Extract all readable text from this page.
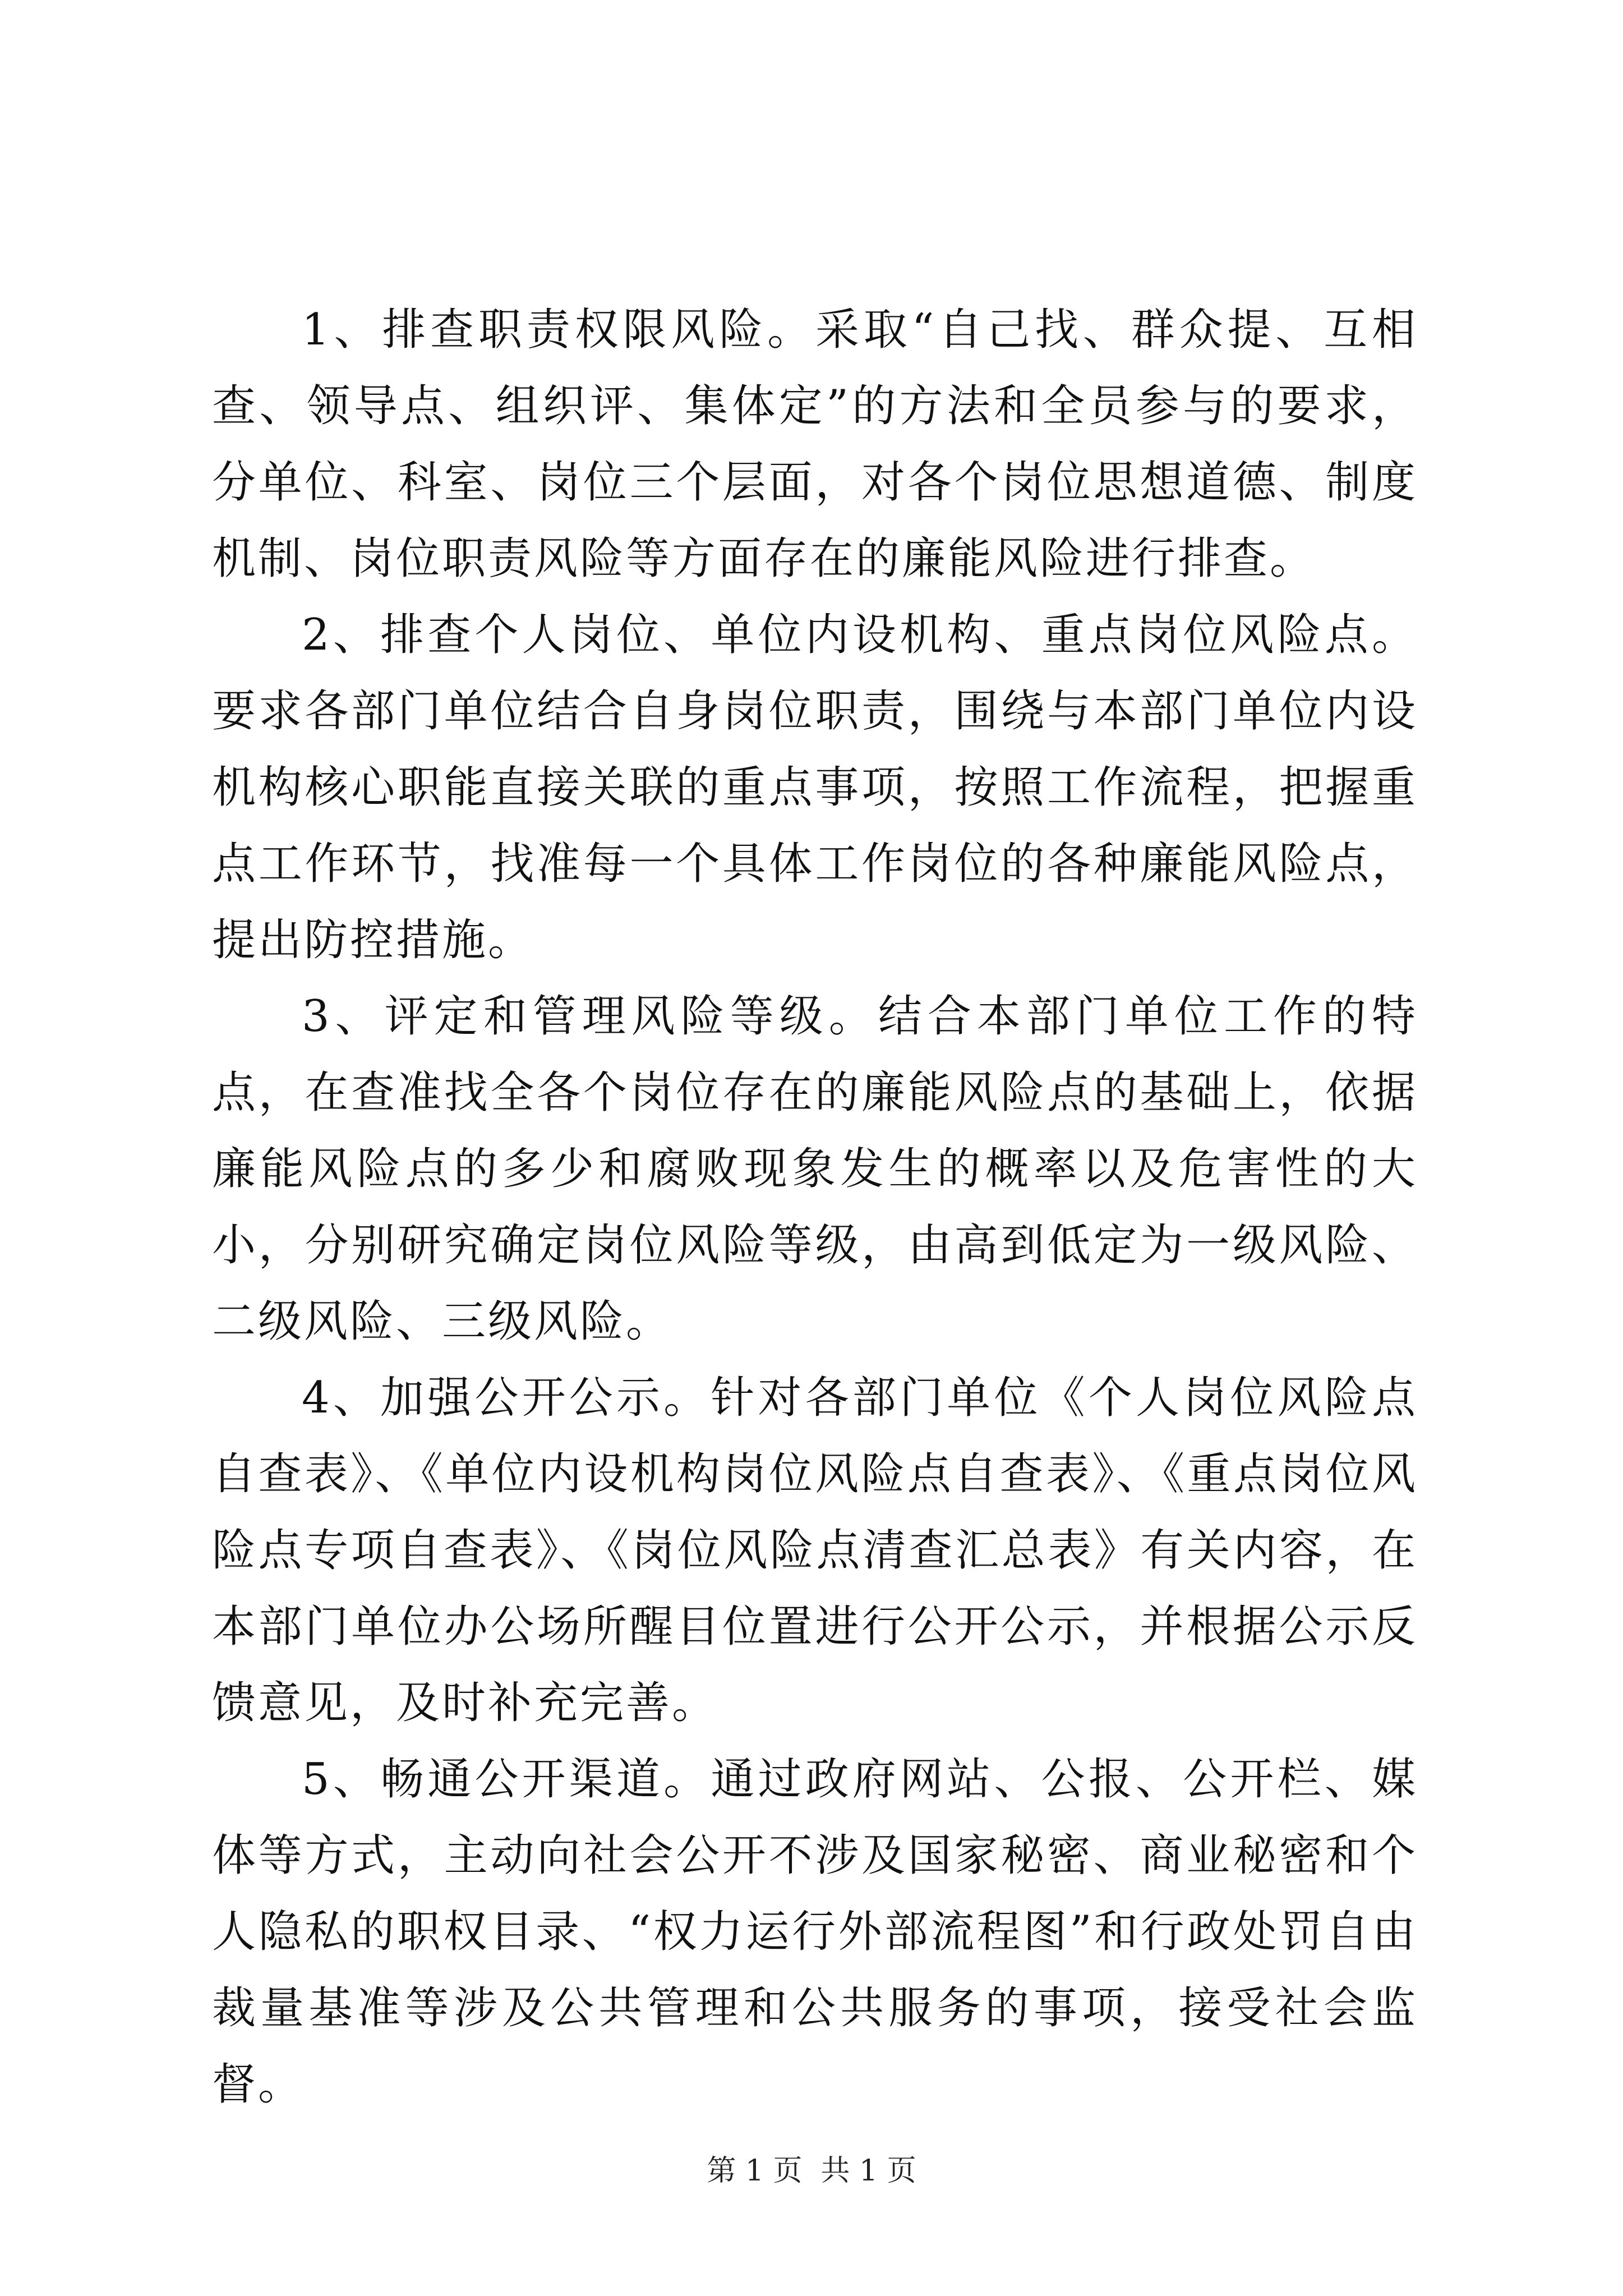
1、排查职责权限风险。采取“自己找、群众提、互相查、领导点、组织评、集体定”的方法和全员参与的要求，分单位、科室、岗位三个层面，对各个岗位思想道德、制度机制、岗位职责风险等方面存在的廉能风险进行排查。

2、排查个人岗位、单位内设机构、重点岗位风险点。要求各部门单位结合自身岗位职责，围绕与本部门单位内设机构核心职能直接关联的重点事项，按照工作流程，把握重点工作环节，找准每一个具体工作岗位的各种廉能风险点，提出防控措施。

3、评定和管理风险等级。结合本部门单位工作的特点，在查准找全各个岗位存在的廉能风险点的基础上，依据廉能风险点的多少和腐败现象发生的概率以及危害性的大小，分别研究确定岗位风险等级，由高到低定为一级风险、二级风险、三级风险。

4、加强公开公示。针对各部门单位《个人岗位风险点自查表》、《单位内设机构岗位风险点自查表》、《重点岗位风险点专项自查表》、《岗位风险点清查汇总表》有关内容，在本部门单位办公场所醒目位置进行公开公示，并根据公示反馈意见，及时补充完善。

5、畅通公开渠道。通过政府网站、公报、公开栏、媒体等方式，主动向社会公开不涉及国家秘密、商业秘密和个人隐私的职权目录、“权力运行外部流程图”和行政处罚自由裁量基准等涉及公共管理和公共服务的事项，接受社会监督。

第 1 页  共 1 页
